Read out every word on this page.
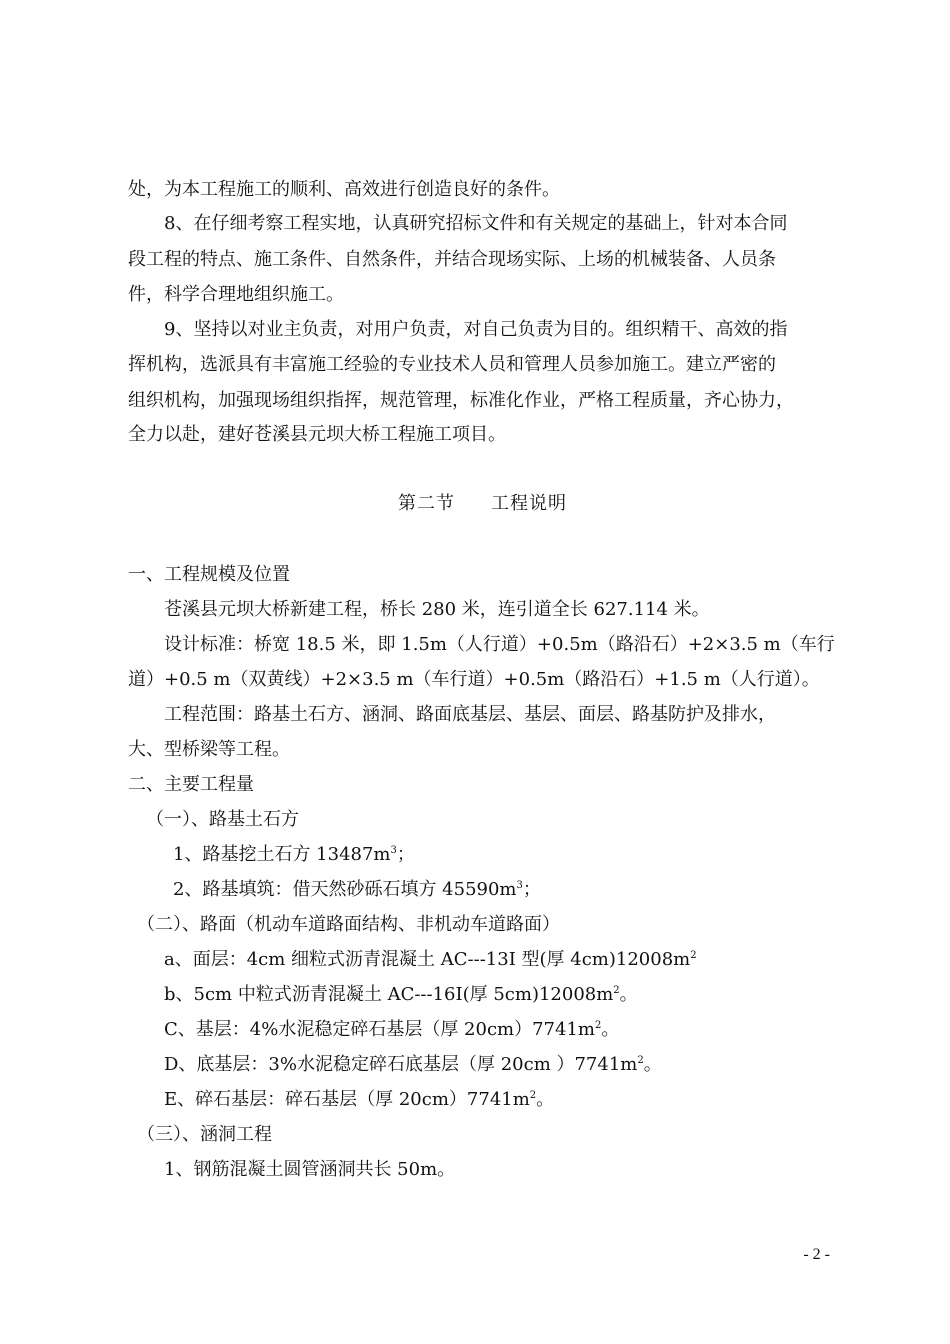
处，为本工程施工的顺利、高效进行创造良好的条件。
8、在仔细考察工程实地，认真研究招标文件和有关规定的基础上，针对本合同
段工程的特点、施工条件、自然条件，并结合现场实际、上场的机械装备、人员条
件，科学合理地组织施工。
9、坚持以对业主负责，对用户负责，对自己负责为目的。组织精干、高效的指
挥机构，选派具有丰富施工经验的专业技术人员和管理人员参加施工。建立严密的
组织机构，加强现场组织指挥，规范管理，标准化作业，严格工程质量，齐心协力，
全力以赴，建好苍溪县元坝大桥工程施工项目。
第二节 工程说明
一、工程规模及位置
苍溪县元坝大桥新建工程，桥长 280 米，连引道全长 627.114 米。
设计标准：桥宽 18.5 米，即 1.5m（人行道）+0.5m（路沿石）+2×3.5 m（车行
道）+0.5 m（双黄线）+2×3.5 m（车行道）+0.5m（路沿石）+1.5 m（人行道）。
工程范围：路基土石方、涵洞、路面底基层、基层、面层、路基防护及排水，
大、型桥梁等工程。
二、主要工程量
（一）、路基土石方
1、路基挖土石方 $13487m^3$；
2、路基填筑：借天然砂砾石填方 $45590m^3$；
（二）、路面（机动车道路面结构、非机动车道路面）
a、面层：4cm 细粒式沥青混凝土 AC---13I 型(厚 $4cm)12008m^2$
b、5cm 中粒式沥青混凝土 AC---16I(厚 $5cm)12008m^2$。
C、基层：4%水泥稳定碎石基层（厚 $20cm)7741m^2$。
D、底基层：3%水泥稳定碎石底基层（厚 20cm ）$7741m^2$。
E、碎石基层：碎石基层（厚 $20cm)7741m^2$。
（三）、涵洞工程
1、钢筋混凝土圆管涵洞共长 50m。
- 2 -
